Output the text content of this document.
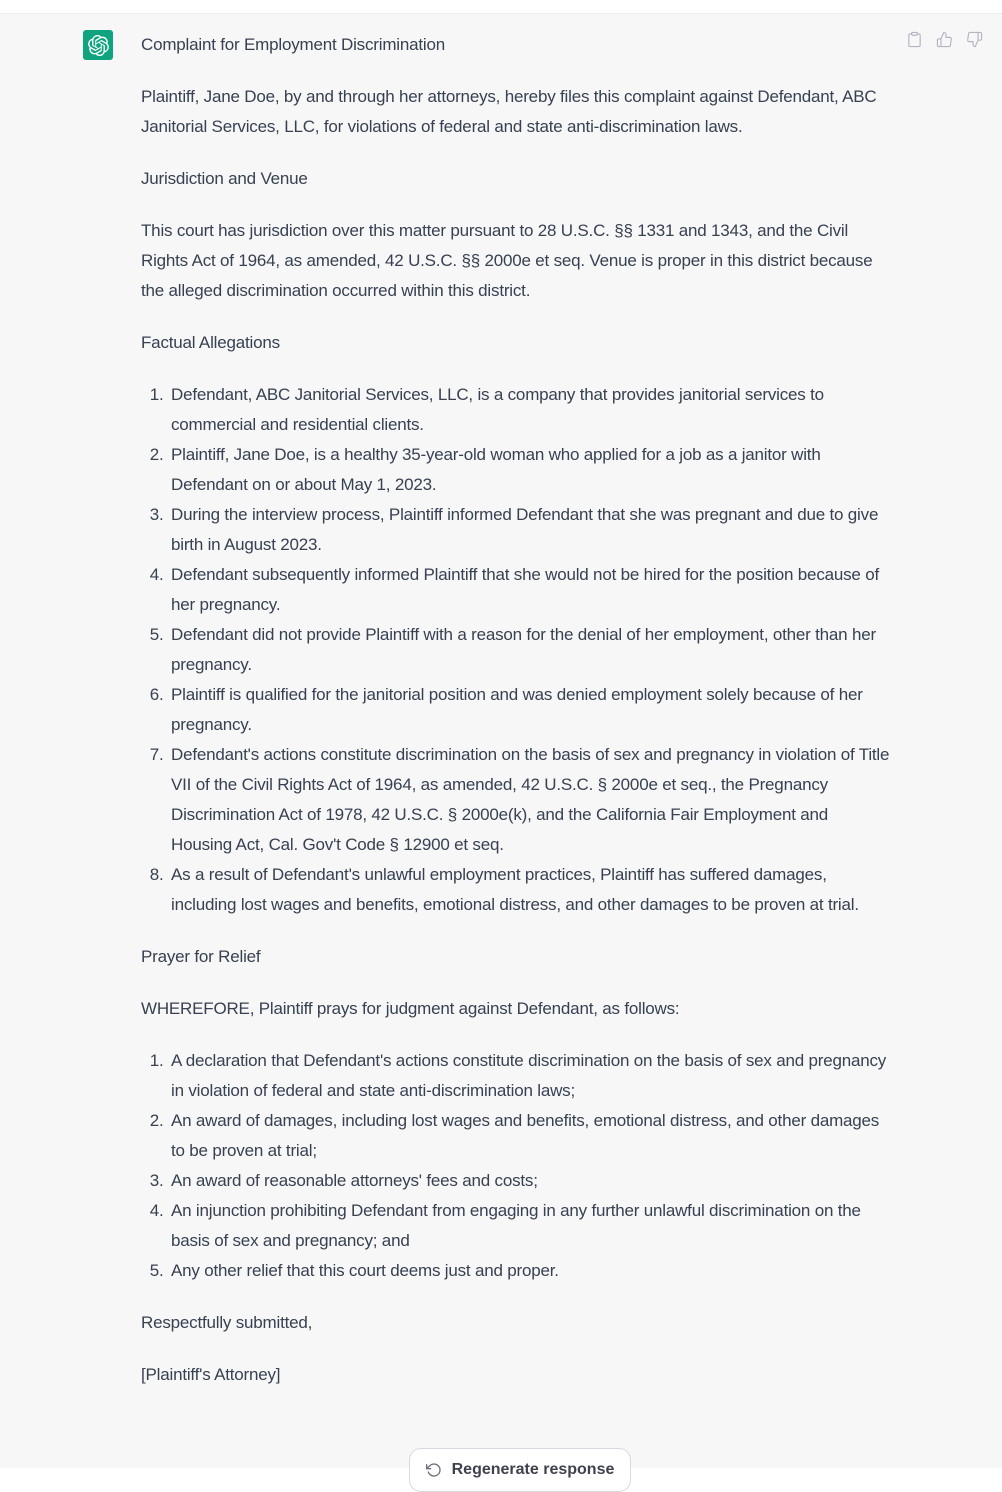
Complaint for Employment Discrimination

Plaintiff, Jane Doe, by and through her attorneys, hereby files this complaint against Defendant, ABC Janitorial Services, LLC, for violations of federal and state anti-discrimination laws.

Jurisdiction and Venue

This court has jurisdiction over this matter pursuant to 28 U.S.C. §§ 1331 and 1343, and the Civil Rights Act of 1964, as amended, 42 U.S.C. §§ 2000e et seq. Venue is proper in this district because the alleged discrimination occurred within this district.

Factual Allegations

1. Defendant, ABC Janitorial Services, LLC, is a company that provides janitorial services to commercial and residential clients.
2. Plaintiff, Jane Doe, is a healthy 35-year-old woman who applied for a job as a janitor with Defendant on or about May 1, 2023.
3. During the interview process, Plaintiff informed Defendant that she was pregnant and due to give birth in August 2023.
4. Defendant subsequently informed Plaintiff that she would not be hired for the position because of her pregnancy.
5. Defendant did not provide Plaintiff with a reason for the denial of her employment, other than her pregnancy.
6. Plaintiff is qualified for the janitorial position and was denied employment solely because of her pregnancy.
7. Defendant's actions constitute discrimination on the basis of sex and pregnancy in violation of Title VII of the Civil Rights Act of 1964, as amended, 42 U.S.C. § 2000e et seq., the Pregnancy Discrimination Act of 1978, 42 U.S.C. § 2000e(k), and the California Fair Employment and Housing Act, Cal. Gov't Code § 12900 et seq.
8. As a result of Defendant's unlawful employment practices, Plaintiff has suffered damages, including lost wages and benefits, emotional distress, and other damages to be proven at trial.

Prayer for Relief

WHEREFORE, Plaintiff prays for judgment against Defendant, as follows:

1. A declaration that Defendant's actions constitute discrimination on the basis of sex and pregnancy in violation of federal and state anti-discrimination laws;
2. An award of damages, including lost wages and benefits, emotional distress, and other damages to be proven at trial;
3. An award of reasonable attorneys' fees and costs;
4. An injunction prohibiting Defendant from engaging in any further unlawful discrimination on the basis of sex and pregnancy; and
5. Any other relief that this court deems just and proper.

Respectfully submitted,

[Plaintiff's Attorney]

Regenerate response
